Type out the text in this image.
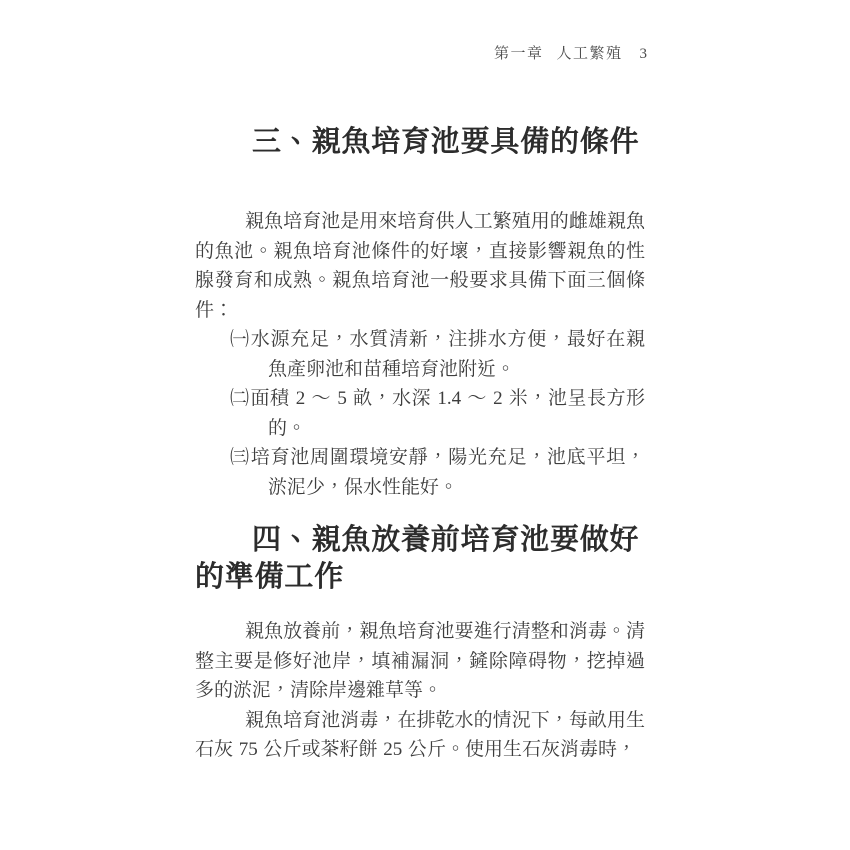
第一章 人工繁殖 3
三、親魚培育池要具備的條件

親魚培育池是用來培育供人工繁殖用的雌雄親魚的魚池。親魚培育池條件的好壞，直接影響親魚的性腺發育和成熟。親魚培育池一般要求具備下面三個條件：

㈠水源充足，水質清新，注排水方便，最好在親魚產卵池和苗種培育池附近。
㈡面積 2 ～ 5 畝，水深 1.4 ～ 2 米，池呈長方形的。
㈢培育池周圍環境安靜，陽光充足，池底平坦，淤泥少，保水性能好。
四、親魚放養前培育池要做好的準備工作

親魚放養前，親魚培育池要進行清整和消毒。清整主要是修好池岸，填補漏洞，鏟除障碍物，挖掉過多的淤泥，清除岸邊雜草等。

親魚培育池消毒，在排乾水的情況下，每畝用生石灰 75 公斤或茶籽餅 25 公斤。使用生石灰消毒時，
